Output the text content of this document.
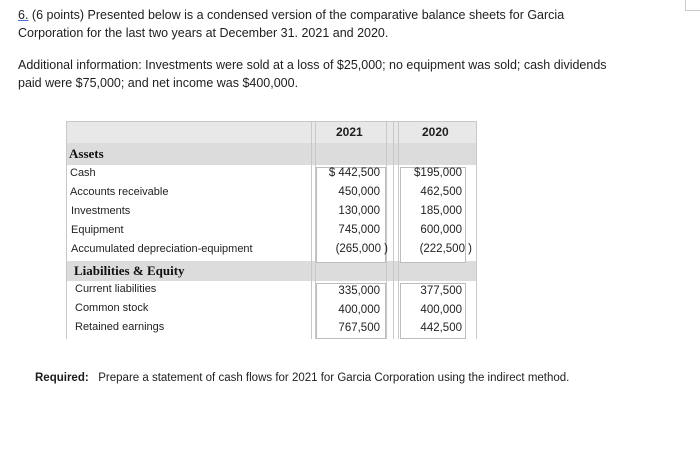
6. (6 points) Presented below is a condensed version of the comparative balance sheets for Garcia
Corporation for the last two years at December 31. 2021 and 2020.
Additional information: Investments were sold at a loss of $25,000; no equipment was sold; cash dividends
paid were $75,000; and net income was $400,000.
2021	2020
Assets
Liabilities & Equity
Cash	$ 442,500	$195,000
Accounts receivable	450,000	462,500
Investments	130,000	185,000
Equipment	745,000	600,000
Accumulated depreciation-equipment	(265,000 )	(222,500 )
Current liabilities	335,000	377,500
Common stock	400,000	400,000
Retained earnings	767,500	442,500
Required: Prepare a statement of cash flows for 2021 for Garcia Corporation using the indirect method.
